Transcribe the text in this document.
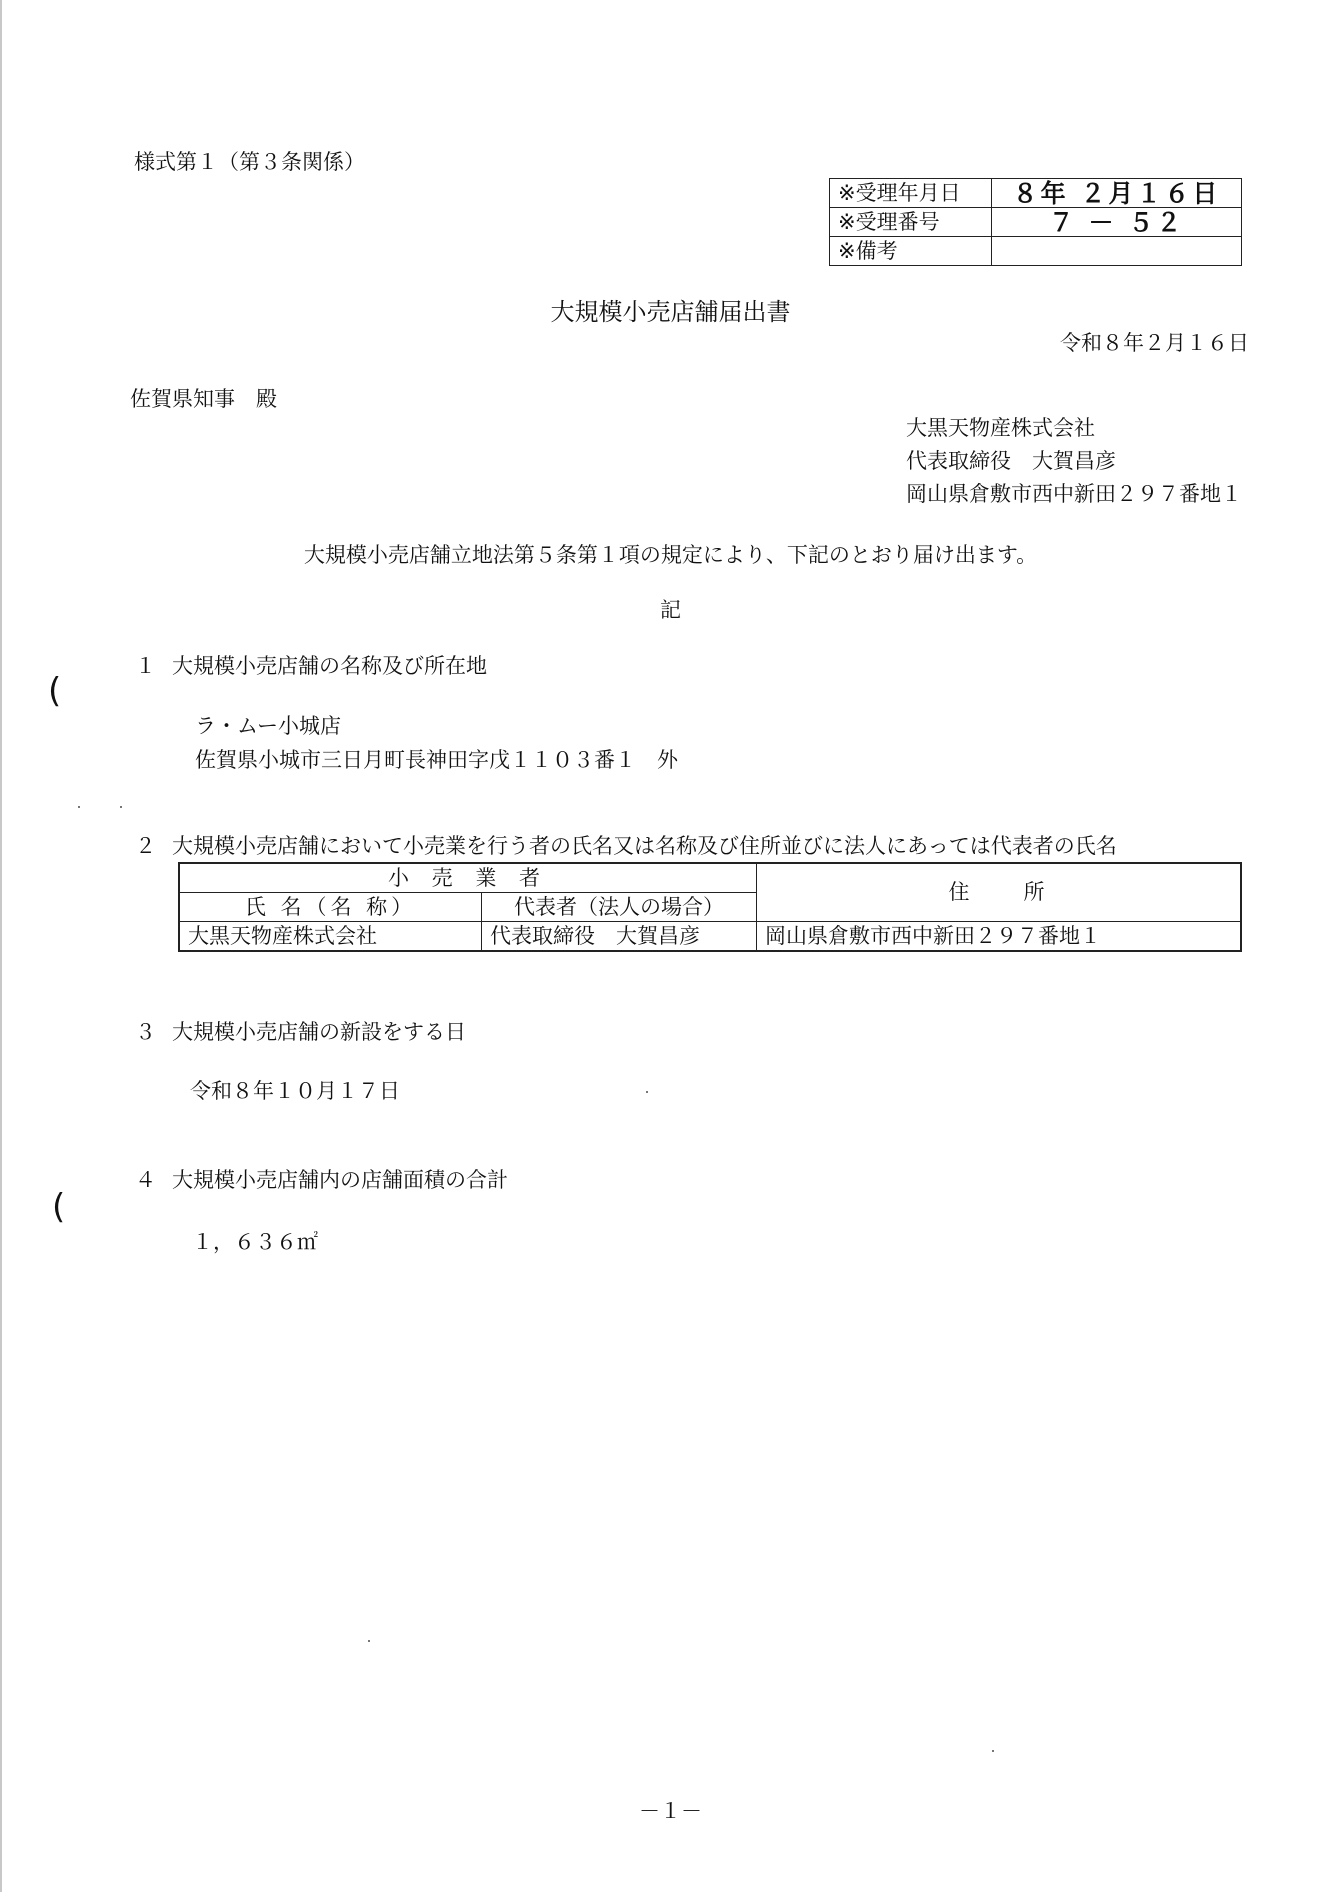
様式第１（第３条関係）
※受理年月日	８年 ２月１６日
※受理番号	７ － ５２
※備考	
大規模小売店舗届出書
令和８年２月１６日
佐賀県知事　殿
大黒天物産株式会社
代表取締役　大賀昌彦
岡山県倉敷市西中新田２９７番地１
大規模小売店舗立地法第５条第１項の規定により、下記のとおり届け出ます。
記
(
(
１ 大規模小売店舗の名称及び所在地
ラ・ムー小城店
佐賀県小城市三日月町長神田字戊１１０３番１　外
２ 大規模小売店舗において小売業を行う者の氏名又は名称及び住所並びに法人にあっては代表者の氏名
小 売 業 者		住　　所
氏 名（名 称）	代表者（法人の場合）	
大黒天物産株式会社	代表取締役　大賀昌彦	岡山県倉敷市西中新田２９７番地１
３ 大規模小売店舗の新設をする日
令和８年１０月１７日
４ 大規模小売店舗内の店舗面積の合計
１，６３６㎡
－１－
